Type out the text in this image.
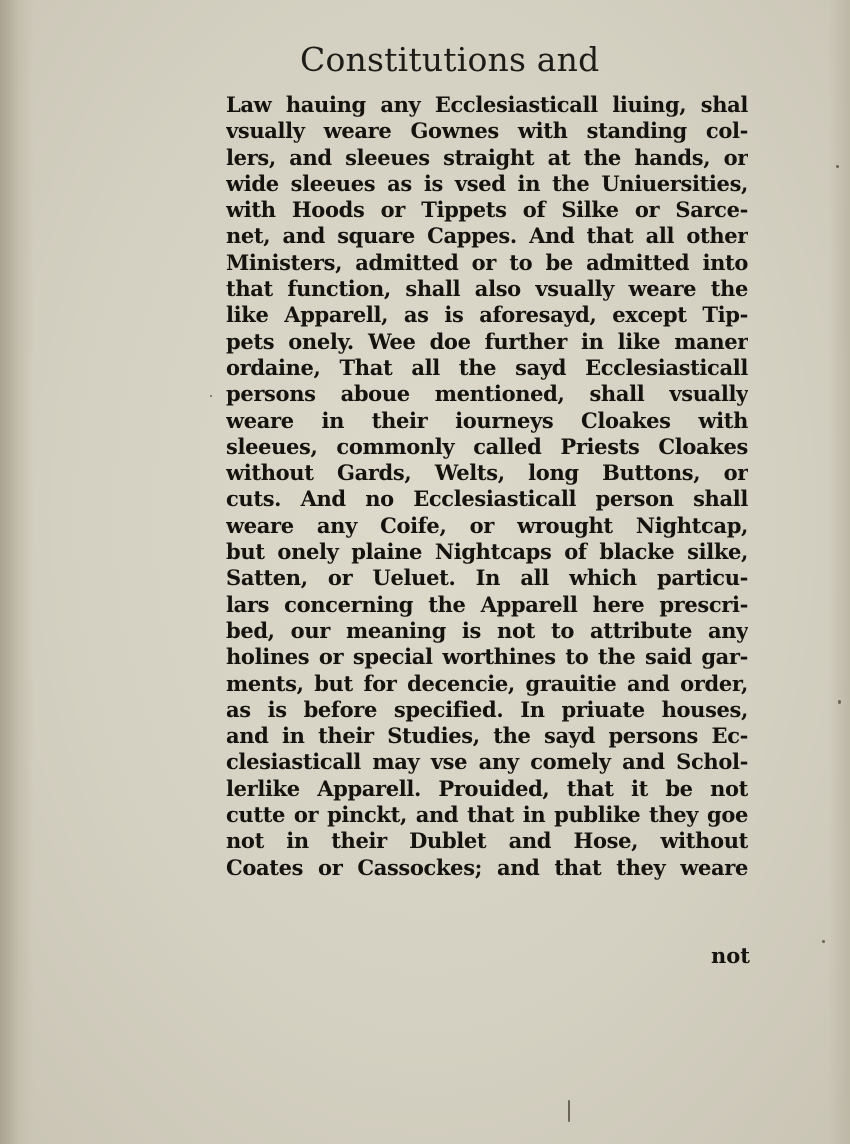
Constitutions and
Law hauing any Ecclesiasticall liuing, shal
vsually weare Gownes with standing col-
lers, and sleeues straight at the hands, or
wide sleeues as is vsed in the Uniuersities,
with Hoods or Tippets of Silke or Sarce-
net, and square Cappes. And that all other
Ministers, admitted or to be admitted into
that function, shall also vsually weare the
like Apparell, as is aforesayd, except Tip-
pets onely. Wee doe further in like maner
ordaine, That all the sayd Ecclesiasticall
persons aboue mentioned, shall vsually
weare in their iourneys Cloakes with
sleeues, commonly called Priests Cloakes
without Gards, Welts, long Buttons, or
cuts. And no Ecclesiasticall person shall
weare any Coife, or wrought Nightcap,
but onely plaine Nightcaps of blacke silke,
Satten, or Ueluet. In all which particu-
lars concerning the Apparell here prescri-
bed, our meaning is not to attribute any
holines or special worthines to the said gar-
ments, but for decencie, grauitie and order,
as is before specified. In priuate houses,
and in their Studies, the sayd persons Ec-
clesiasticall may vse any comely and Schol-
lerlike Apparell. Prouided, that it be not
cutte or pinckt, and that in publike they goe
not in their Dublet and Hose, without
Coates or Cassockes; and that they weare
not
